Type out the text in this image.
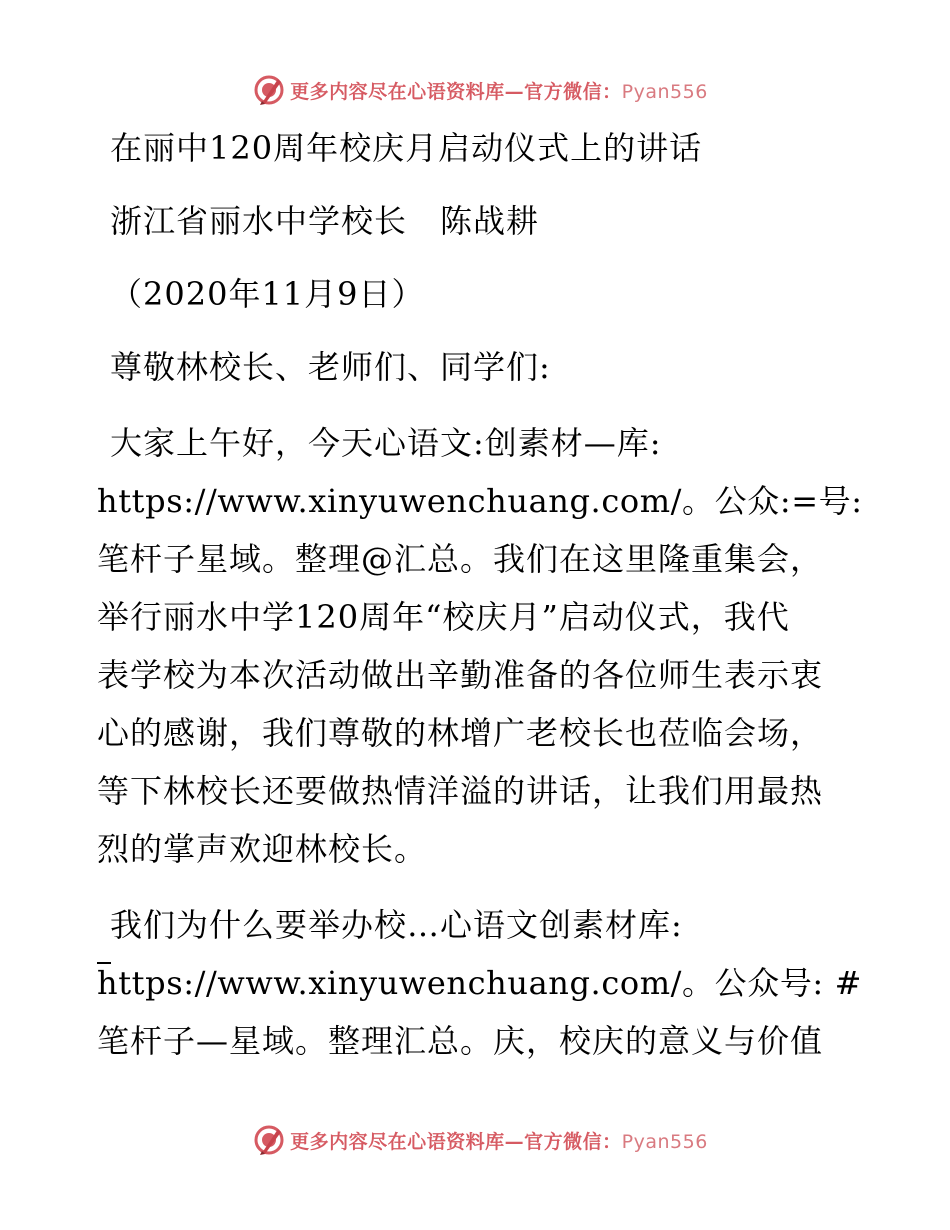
更多内容尽在心语资料库—官方微信：Pyan556
在丽中120周年校庆月启动仪式上的讲话
浙江省丽水中学校长　陈战耕
（2020年11月9日）
尊敬林校长、老师们、同学们:
大家上午好，今天心语文:创素材—库:
https://www.xinyuwenchuang.com/。公众:=号:
笔杆子星域。整理@汇总。我们在这里隆重集会，
举行丽水中学120周年“校庆月”启动仪式，我代
表学校为本次活动做出辛勤准备的各位师生表示衷
心的感谢，我们尊敬的林增广老校长也莅临会场，
等下林校长还要做热情洋溢的讲话，让我们用最热
烈的掌声欢迎林校长。
我们为什么要举办校…心语文创素材库:
https://www.xinyuwenchuang.com/。公众号: #
笔杆子—星域。整理汇总。庆，校庆的意义与价值
更多内容尽在心语资料库—官方微信：Pyan556
